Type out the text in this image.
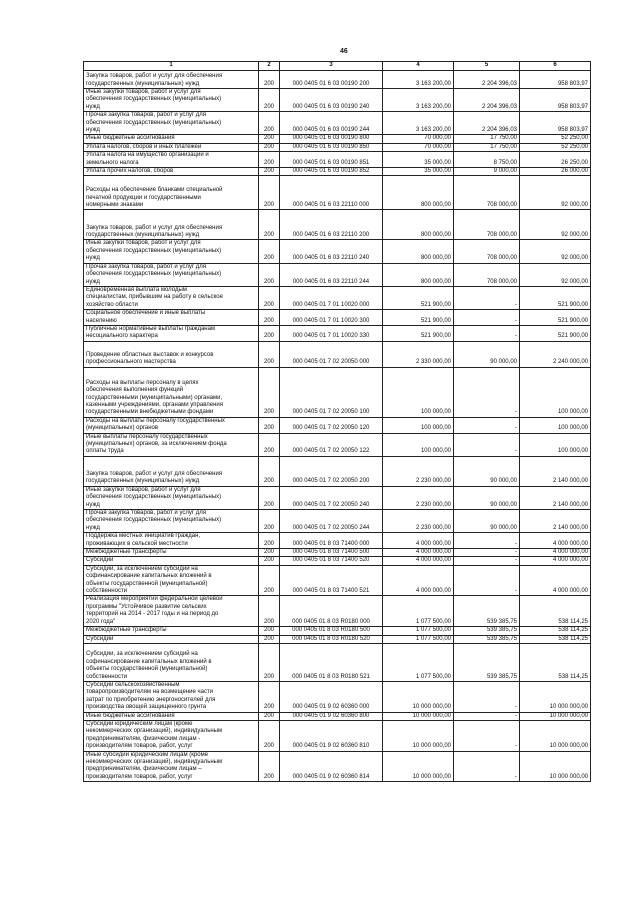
46
1	2	3	4	5	6
Закупка товаров, работ и услуг для обеспечения
государственных (муниципальных) нужд	200	000 0405 01 6 03 00190 200	3 163 200,00	2 204 396,03	958 803,97
Иные закупки товаров, работ и услуг для
обеспечения государственных (муниципальных)
нужд	200	000 0405 01 6 03 00190 240	3 163 200,00	2 204 396,03	958 803,97
Прочая закупка товаров, работ и услуг для
обеспечения государственных (муниципальных)
нужд	200	000 0405 01 6 03 00190 244	3 163 200,00	2 204 396,03	958 803,97
Иные бюджетные ассигнования	200	000 0405 01 6 03 00190 800	70 000,00	17 750,00	52 250,00
Уплата налогов, сборов и иных платежей	200	000 0405 01 6 03 00190 850	70 000,00	17 750,00	52 250,00
Уплата налога на имущество организаций и
земельного налога	200	000 0405 01 6 03 00190 851	35 000,00	8 750,00	26 250,00
Уплата прочих налогов, сборов	200	000 0405 01 6 03 00190 852	35 000,00	9 000,00	26 000,00
Расходы на обеспечение бланками специальной
печатной продукции и государственными
номерными знаками	200	000 0405 01 6 03 22110 000	800 000,00	708 000,00	92 000,00
Закупка товаров, работ и услуг для обеспечения
государственных (муниципальных) нужд	200	000 0405 01 6 03 22110 200	800 000,00	708 000,00	92 000,00
Иные закупки товаров, работ и услуг для
обеспечения государственных (муниципальных)
нужд	200	000 0405 01 6 03 22110 240	800 000,00	708 000,00	92 000,00
Прочая закупка товаров, работ и услуг для
обеспечения государственных (муниципальных)
нужд	200	000 0405 01 6 03 22110 244	800 000,00	708 000,00	92 000,00
Единовременная выплата молодым
специалистам, прибывшим на работу в сельское
хозяйство области	200	000 0405 01 7 01 10020 000	521 900,00	-	521 900,00
Социальное обеспечение и иные выплаты
населению	200	000 0405 01 7 01 10020 300	521 900,00	-	521 900,00
Публичные нормативные выплаты гражданам
несоциального характера	200	000 0405 01 7 01 10020 330	521 900,00	-	521 900,00
Проведение областных выставок и конкурсов
профессионального мастерства	200	000 0405 01 7 02 20050 000	2 330 000,00	90 000,00	2 240 000,00
Расходы на выплаты персоналу в целях
обеспечения выполнения функций
государственными (муниципальными) органами,
казенными учреждениями, органами управления
государственными внебюджетными фондами	200	000 0405 01 7 02 20050 100	100 000,00	-	100 000,00
Расходы на выплаты персоналу государственных
(муниципальных) органов	200	000 0405 01 7 02 20050 120	100 000,00	-	100 000,00
Иные выплаты персоналу государственных
(муниципальных) органов, за исключением фонда
оплаты труда	200	000 0405 01 7 02 20050 122	100 000,00	-	100 000,00
Закупка товаров, работ и услуг для обеспечения
государственных (муниципальных) нужд	200	000 0405 01 7 02 20050 200	2 230 000,00	90 000,00	2 140 000,00
Иные закупки товаров, работ и услуг для
обеспечения государственных (муниципальных)
нужд	200	000 0405 01 7 02 20050 240	2 230 000,00	90 000,00	2 140 000,00
Прочая закупка товаров, работ и услуг для
обеспечения государственных (муниципальных)
нужд	200	000 0405 01 7 02 20050 244	2 230 000,00	90 000,00	2 140 000,00
Поддержка местных инициатив граждан,
проживающих в сельской местности	200	000 0405 01 8 03 71400 000	4 000 000,00	-	4 000 000,00
Межбюджетные трансферты	200	000 0405 01 8 03 71400 500	4 000 000,00	-	4 000 000,00
Субсидии	200	000 0405 01 8 03 71400 520	4 000 000,00	-	4 000 000,00
Субсидии, за исключением субсидий на
софинансирование капитальных вложений в
объекты государственной (муниципальной)
собственности	200	000 0405 01 8 03 71400 521	4 000 000,00	-	4 000 000,00
Реализация мероприятий федеральной целевой
программы "Устойчивое развитие сельских
территорий на 2014 - 2017 годы и на период до
2020 года"	200	000 0405 01 8 03 R0180 000	1 077 500,00	539 385,75	538 114,25
Межбюджетные трансферты	200	000 0405 01 8 03 R0180 500	1 077 500,00	539 385,75	538 114,25
Субсидии	200	000 0405 01 8 03 R0180 520	1 077 500,00	539 385,75	538 114,25
Субсидии, за исключением субсидий на
софинансирование капитальных вложений в
объекты государственной (муниципальной)
собственности	200	000 0405 01 8 03 R0180 521	1 077 500,00	539 385,75	538 114,25
Субсидии сельскохозяйственным
товаропроизводителям на возмещение части
затрат по приобретению энергоносителей для
производства овощей защищенного грунта	200	000 0405 01 9 02 60360 000	10 000 000,00	-	10 000 000,00
Иные бюджетные ассигнования	200	000 0405 01 9 02 60360 800	10 000 000,00	-	10 000 000,00
Субсидии юридическим лицам (кроме
некоммерческих организаций), индивидуальным
предпринимателям, физическим лицам -
производителям товаров, работ, услуг	200	000 0405 01 9 02 60360 810	10 000 000,00	-	10 000 000,00
Иные субсидии юридическим лицам (кроме
некоммерческих организаций), индивидуальным
предпринимателям, физическим лицам –
производителям товаров, работ, услуг	200	000 0405 01 9 02 60360 814	10 000 000,00	-	10 000 000,00
